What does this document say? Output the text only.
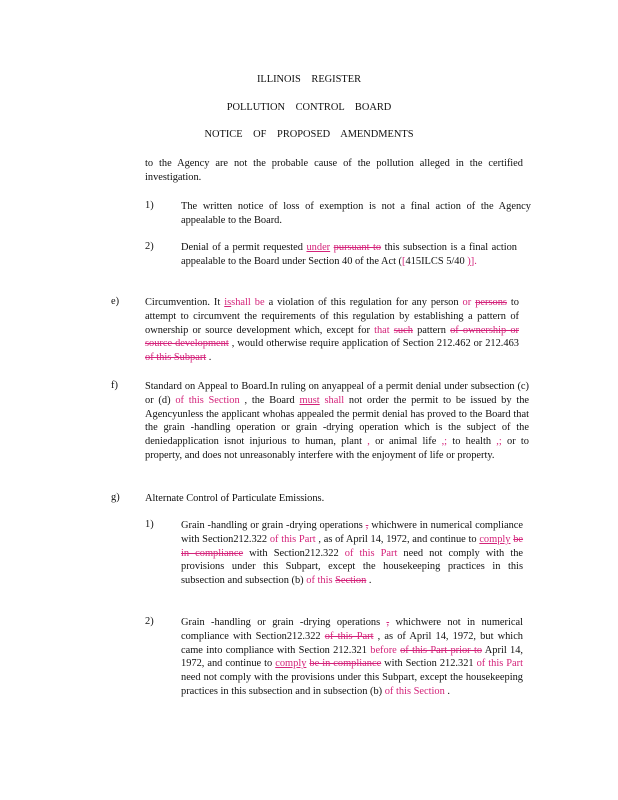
ILLINOIS REGISTER
POLLUTION CONTROL BOARD
NOTICE OF PROPOSED AMENDMENTS
to the Agency are not the probable cause of the pollution alleged in the certified investigation.
1)	The written notice of loss of exemption is not a final action of the Agency appealable to the Board.
2)	Denial of a permit requested under pursuant to this subsection is a final action appealable to the Board under Section 40 of the Act ([415ILCS 5/40 )].
e) Circumvention. It isshall be a violation of this regulation for any person or persons to attempt to circumvent the requirements of this regulation by establishing a pattern of ownership or source development which, except for that such pattern of ownership or source development , would otherwise require application of Section 212.462 or 212.463 of this Subpart .
f)	Standard on Appeal to Board.In ruling on anyappeal of a permit denial under subsection (c) or (d) of this Section , the Board must shall not order the permit to be issued by the Agencyunless the applicant whohas appealed the permit denial has proved to the Board that the grain -handling operation or grain -drying operation which is the subject of the deniedapplication isnot injurious to human, plant , or animal life ,; to health ,; or to property, and does not unreasonably interfere with the enjoyment of life or property.
g) Alternate Control of Particulate Emissions.
1)	Grain -handling or grain -drying operations , whichwere in numerical compliance with Section212.322 of this Part , as of April 14, 1972, and continue to comply be in compliance with Section212.322 of this Part need not comply with the provisions under this Subpart, except the housekeeping practices in this subsection and subsection (b) of this Section .
2)	Grain -handling or grain -drying operations , whichwere not in numerical compliance with Section212.322 of this Part , as of April 14, 1972, but which came into compliance with Section 212.321 before of this Part prior to April 14, 1972, and continue to comply be in compliance with Section 212.321 of this Part need not comply with the provisions under this Subpart, except the housekeeping practices in this subsection and in subsection (b) of this Section .
